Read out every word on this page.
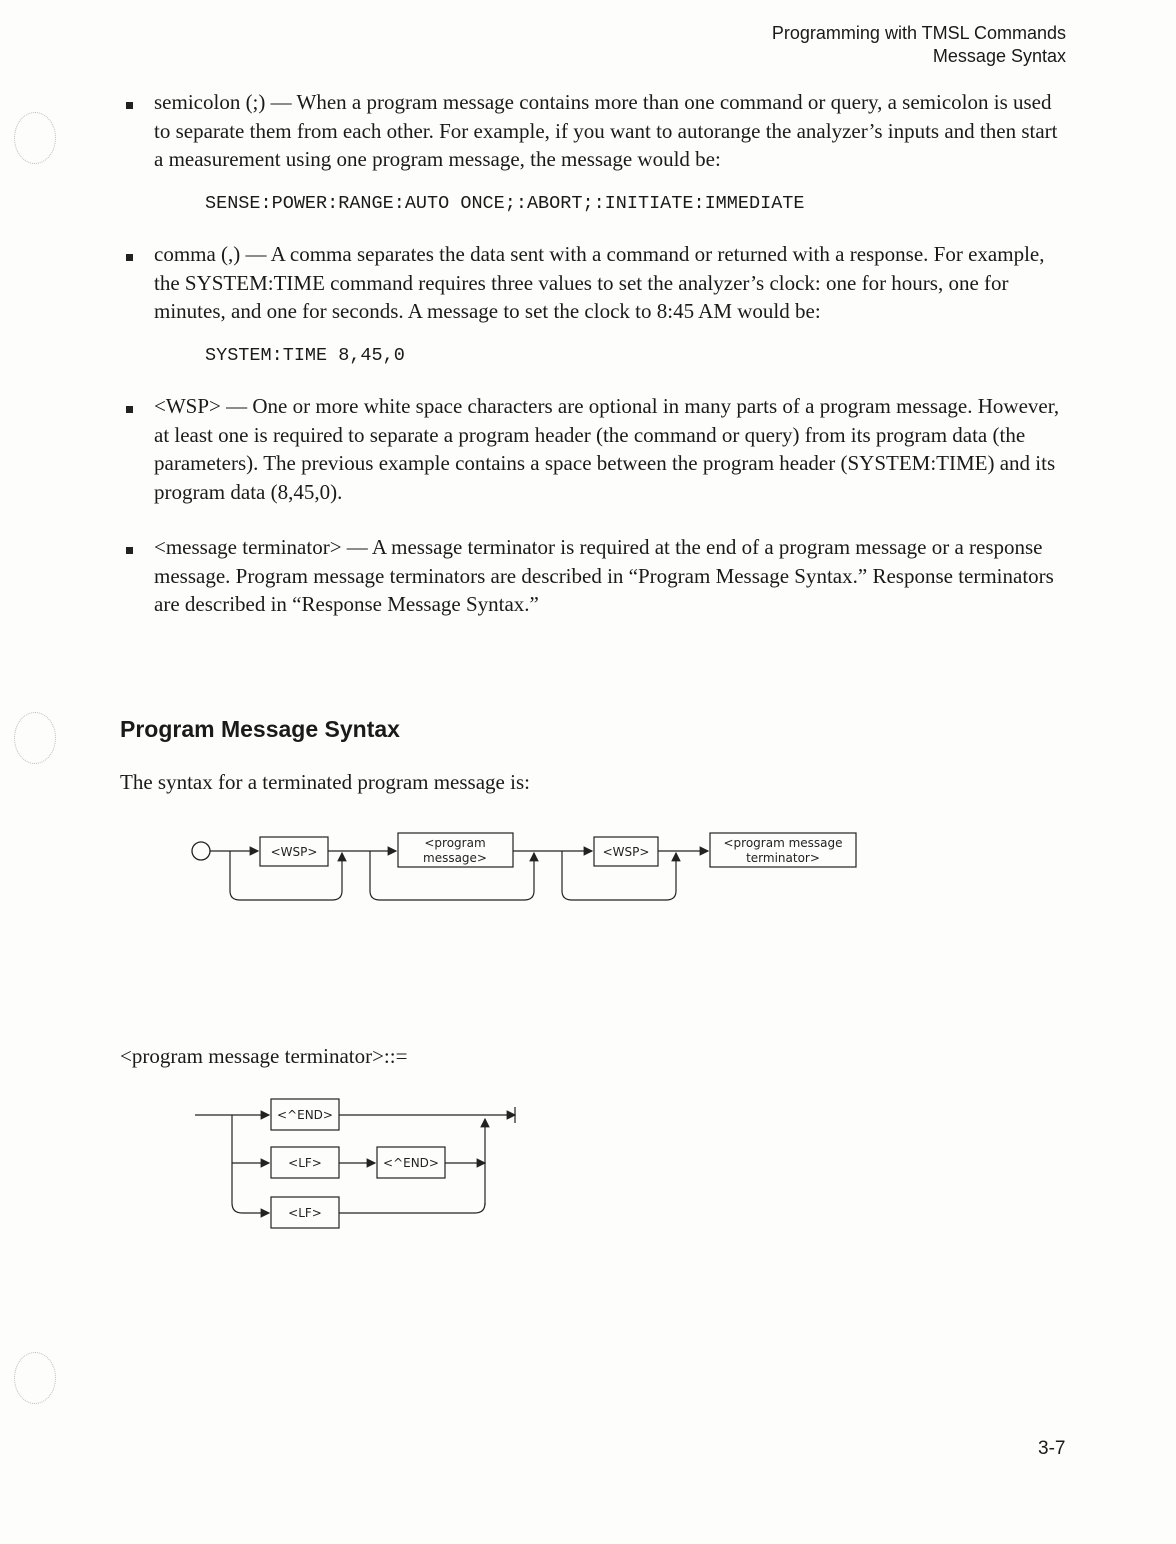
Programming with TMSL Commands
Message Syntax
semicolon (;) — When a program message contains more than one command or query, a semicolon is used to separate them from each other. For example, if you want to autorange the analyzer’s inputs and then start a measurement using one program message, the message would be:
SENSE:POWER:RANGE:AUTO ONCE;:ABORT;:INITIATE:IMMEDIATE
comma (,) — A comma separates the data sent with a command or returned with a response. For example, the SYSTEM:TIME command requires three values to set the analyzer’s clock: one for hours, one for minutes, and one for seconds. A message to set the clock to 8:45 AM would be:
SYSTEM:TIME 8,45,0
<WSP> — One or more white space characters are optional in many parts of a program message. However, at least one is required to separate a program header (the command or query) from its program data (the parameters). The previous example contains a space between the program header (SYSTEM:TIME) and its program data (8,45,0).
<message terminator> — A message terminator is required at the end of a program message or a response message. Program message terminators are described in “Program Message Syntax.” Response terminators are described in “Response Message Syntax.”
Program Message Syntax
The syntax for a terminated program message is:
<WSP>
<program
message>	<WSP>
<program message
terminator>
<program message terminator>::=
<^END>
<LF>	<^END>
<LF>
3-7
